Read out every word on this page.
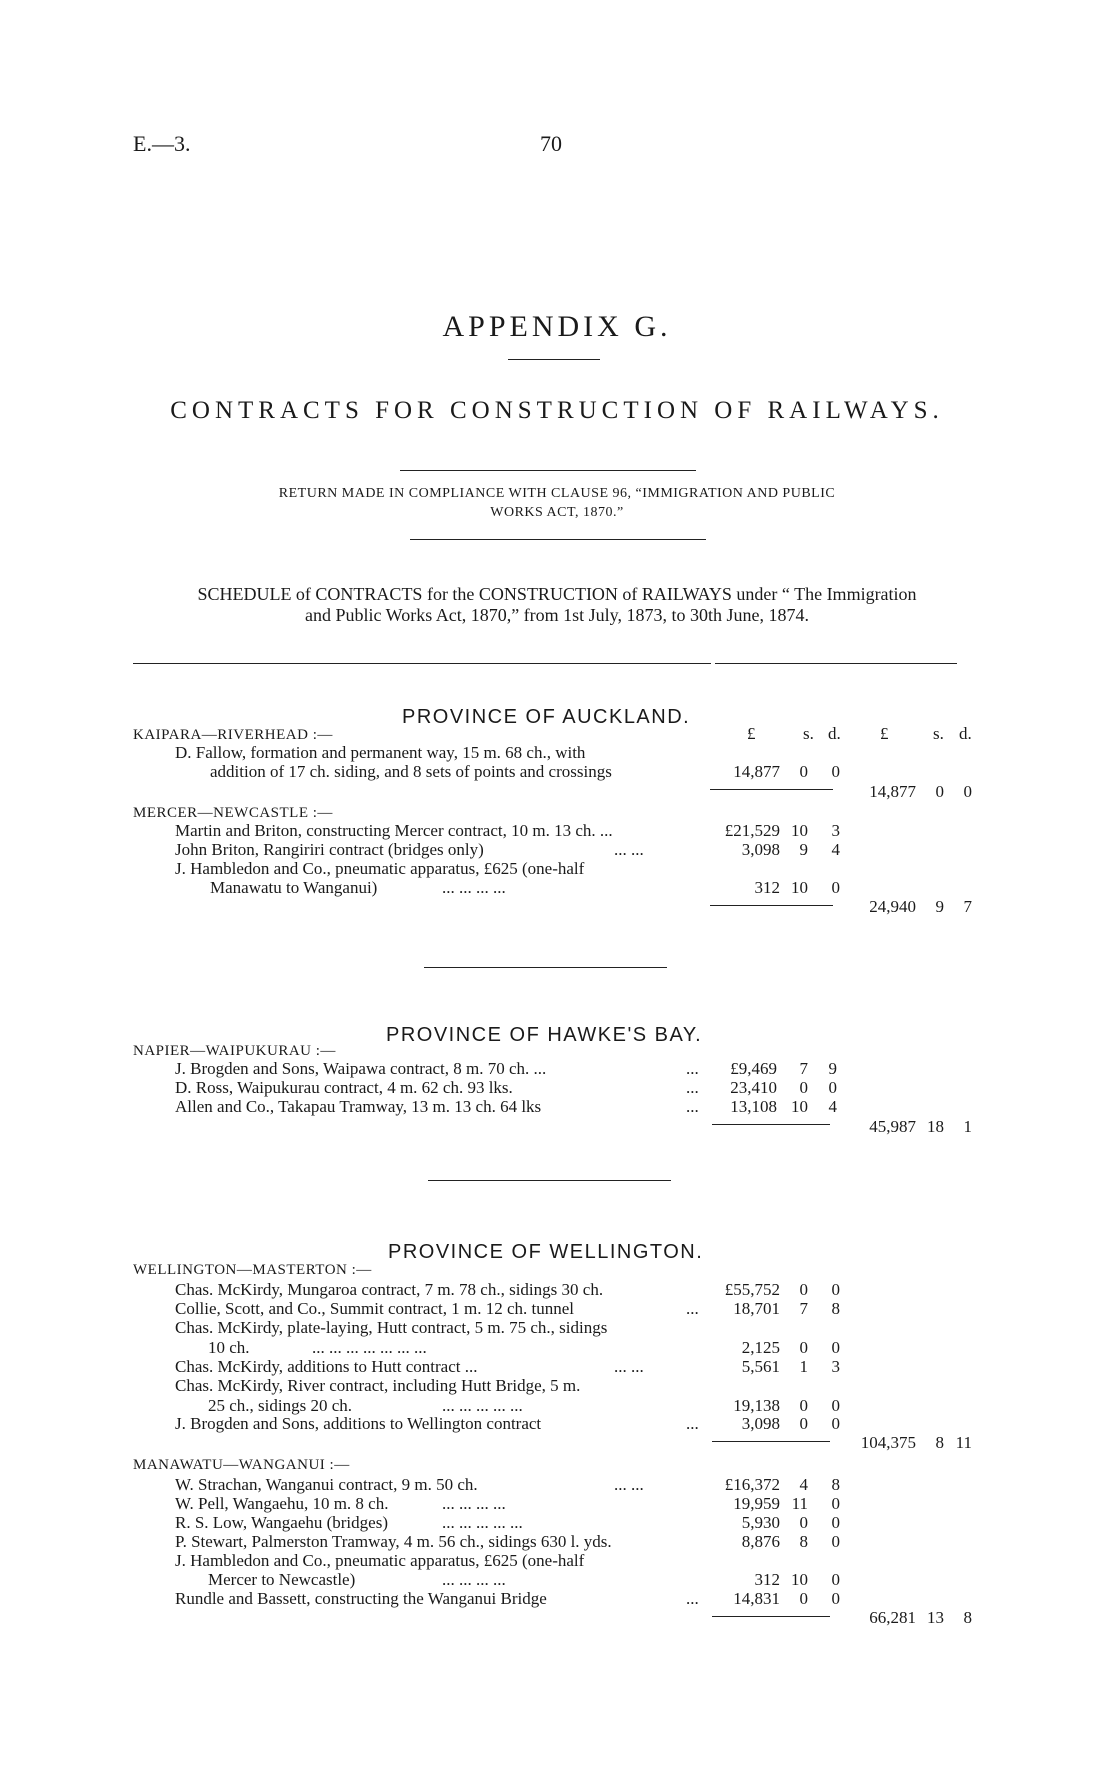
E.—3.	70
APPENDIX G.
CONTRACTS FOR CONSTRUCTION OF RAILWAYS.
RETURN MADE IN COMPLIANCE WITH CLAUSE 96, “IMMIGRATION AND PUBLIC
WORKS ACT, 1870.”
SCHEDULE of CONTRACTS for the CONSTRUCTION of RAILWAYS under “ The Immigration
and Public Works Act, 1870,” from 1st July, 1873, to 30th June, 1874.
PROVINCE OF AUCKLAND.
£	s. d. £	s. d.
KAIPARA—RIVERHEAD :—
D. Fallow, formation and permanent way, 15 m. 68 ch., with
addition of 17 ch. siding, and 8 sets of points and crossings	14,877	0	0
14,877	0	0
MERCER—NEWCASTLE :—
Martin and Briton, constructing Mercer contract, 10 m. 13 ch. ...	£21,529 10	3
John Briton, Rangiriri contract (bridges only)	... ...	3,098	9	4
J. Hambledon and Co., pneumatic apparatus, £625 (one-half
Manawatu to Wanganui)	... ... ... ...	312 10	0
24,940	9	7
PROVINCE OF HAWKE'S BAY.
NAPIER—WAIPUKURAU :—
J. Brogden and Sons, Waipawa contract, 8 m. 70 ch. ...	...	£9,469	7	9
D. Ross, Waipukurau contract, 4 m. 62 ch. 93 lks.	...	23,410	0	0
Allen and Co., Takapau Tramway, 13 m. 13 ch. 64 lks	...	13,108 10	4
45,987 18	1
PROVINCE OF WELLINGTON.
WELLINGTON—MASTERTON :—
Chas. McKirdy, Mungaroa contract, 7 m. 78 ch., sidings 30 ch.	£55,752	0	0
Collie, Scott, and Co., Summit contract, 1 m. 12 ch. tunnel	...	18,701	7	8
Chas. McKirdy, plate-laying, Hutt contract, 5 m. 75 ch., sidings
10 ch.	... ... ... ... ... ... ...	2,125	0	0
Chas. McKirdy, additions to Hutt contract ...	... ...	5,561	1	3
Chas. McKirdy, River contract, including Hutt Bridge, 5 m.
25 ch., sidings 20 ch.	... ... ... ... ...	19,138	0	0
J. Brogden and Sons, additions to Wellington contract	...	3,098	0	0
104,375	8 11
MANAWATU—WANGANUI :—
W. Strachan, Wanganui contract, 9 m. 50 ch.	... ...	£16,372	4	8
W. Pell, Wangaehu, 10 m. 8 ch.	... ... ... ...	19,959 11	0
R. S. Low, Wangaehu (bridges)	... ... ... ... ...	5,930	0	0
P. Stewart, Palmerston Tramway, 4 m. 56 ch., sidings 630 l. yds.	8,876	8	0
J. Hambledon and Co., pneumatic apparatus, £625 (one-half
Mercer to Newcastle)	... ... ... ...	312 10	0
Rundle and Bassett, constructing the Wanganui Bridge	...	14,831	0	0
66,281 13	8
